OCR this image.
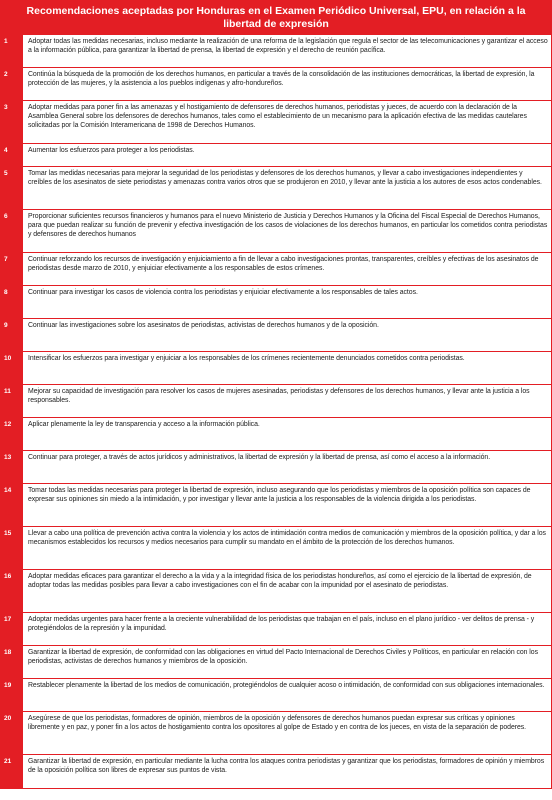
Recomendaciones aceptadas por Honduras en el Examen Periódico Universal, EPU, en relación a la libertad de expresión
1	Adoptar todas las medidas necesarias, incluso mediante la realización de una reforma de la legislación que regula el sector de las telecomunicaciones y garantizar el acceso a la información pública, para garantizar la libertad de prensa, la libertad de expresión y el derecho de reunión pacífica.
2	Continúa la búsqueda de la promoción de los derechos humanos, en particular a través de la consolidación de las instituciones democráticas, la libertad de expresión, la protección de las mujeres, y la asistencia a los pueblos indígenas y afro-hondureños.
3	Adoptar medidas para poner fin a las amenazas y el hostigamiento de defensores de derechos humanos, periodistas y jueces, de acuerdo con la declaración de la Asamblea General sobre los defensores de derechos humanos, tales como el establecimiento de un mecanismo para la aplicación efectiva de las medidas cautelares solicitadas por la Comisión Interamericana de 1998 de Derechos Humanos.
4	Aumentar los esfuerzos para proteger a los periodistas.
5	Tomar las medidas necesarias para mejorar la seguridad de los periodistas y defensores de los derechos humanos, y llevar a cabo investigaciones independientes y creíbles de los asesinatos de siete periodistas y amenazas contra varios otros que se produjeron en 2010, y llevar ante la justicia a los autores de esos actos condenables.
6	Proporcionar suficientes recursos financieros y humanos para el nuevo Ministerio de Justicia y Derechos Humanos y la Oficina del Fiscal Especial de Derechos Humanos, para que puedan realizar su función de prevenir y efectiva investigación de los casos de violaciones de los derechos humanos, en particular los cometidos contra periodistas y defensores de derechos humanos
7	Continuar reforzando los recursos de investigación y enjuiciamiento a fin de llevar a cabo investigaciones prontas, transparentes, creíbles y efectivas de los asesinatos de periodistas desde marzo de 2010, y enjuiciar efectivamente a los responsables de estos crímenes.
8	Continuar para investigar los casos de violencia contra los periodistas y enjuiciar efectivamente a los responsables de tales actos.
9	Continuar las investigaciones sobre los asesinatos de periodistas, activistas de derechos humanos y de la oposición.
10	Intensificar los esfuerzos para investigar y enjuiciar a los responsables de los crímenes recientemente denunciados cometidos contra periodistas.
11	Mejorar su capacidad de investigación para resolver los casos de mujeres asesinadas, periodistas y defensores de los derechos humanos, y llevar ante la justicia a los responsables.
12	Aplicar plenamente la ley de transparencia y acceso a la información pública.
13	Continuar para proteger, a través de actos jurídicos y administrativos, la libertad de expresión y la libertad de prensa, así como el acceso a la información.
14	Tomar todas las medidas necesarias para proteger la libertad de expresión, incluso asegurando que los periodistas y miembros de la oposición política son capaces de expresar sus opiniones sin miedo a la intimidación, y por investigar y llevar ante la justicia a los responsables de la violencia dirigida a los periodistas.
15	Llevar a cabo una política de prevención activa contra la violencia y los actos de intimidación contra medios de comunicación y miembros de la oposición política, y dar a los mecanismos establecidos los recursos y medios necesarios para cumplir su mandato en el ámbito de la protección de los derechos humanos.
16	Adoptar medidas eficaces para garantizar el derecho a la vida y a la integridad física de los periodistas hondureños, así como el ejercicio de la libertad de expresión, de adoptar todas las medidas posibles para llevar a cabo investigaciones con el fin de acabar con la impunidad por el asesinato de periodistas.
17	Adoptar medidas urgentes para hacer frente a la creciente vulnerabilidad de los periodistas que trabajan en el país, incluso en el plano jurídico - ver delitos de prensa - y protegiéndolos de la represión y la impunidad.
18	Garantizar la libertad de expresión, de conformidad con las obligaciones en virtud del Pacto Internacional de Derechos Civiles y Políticos, en particular en relación con los periodistas, activistas de derechos humanos y miembros de la oposición.
19	Restablecer plenamente la libertad de los medios de comunicación, protegiéndolos de cualquier acoso o intimidación, de conformidad con sus obligaciones internacionales.
20	Asegúrese de que los periodistas, formadores de opinión, miembros de la oposición y defensores de derechos humanos puedan expresar sus críticas y opiniones libremente y en paz, y poner fin a los actos de hostigamiento contra los opositores al golpe de Estado y en contra de los jueces, en vista de la separación de poderes.
21	Garantizar la libertad de expresión, en particular mediante la lucha contra los ataques contra periodistas y garantizar que los periodistas, formadores de opinión y miembros de la oposición política son libres de expresar sus puntos de vista.
